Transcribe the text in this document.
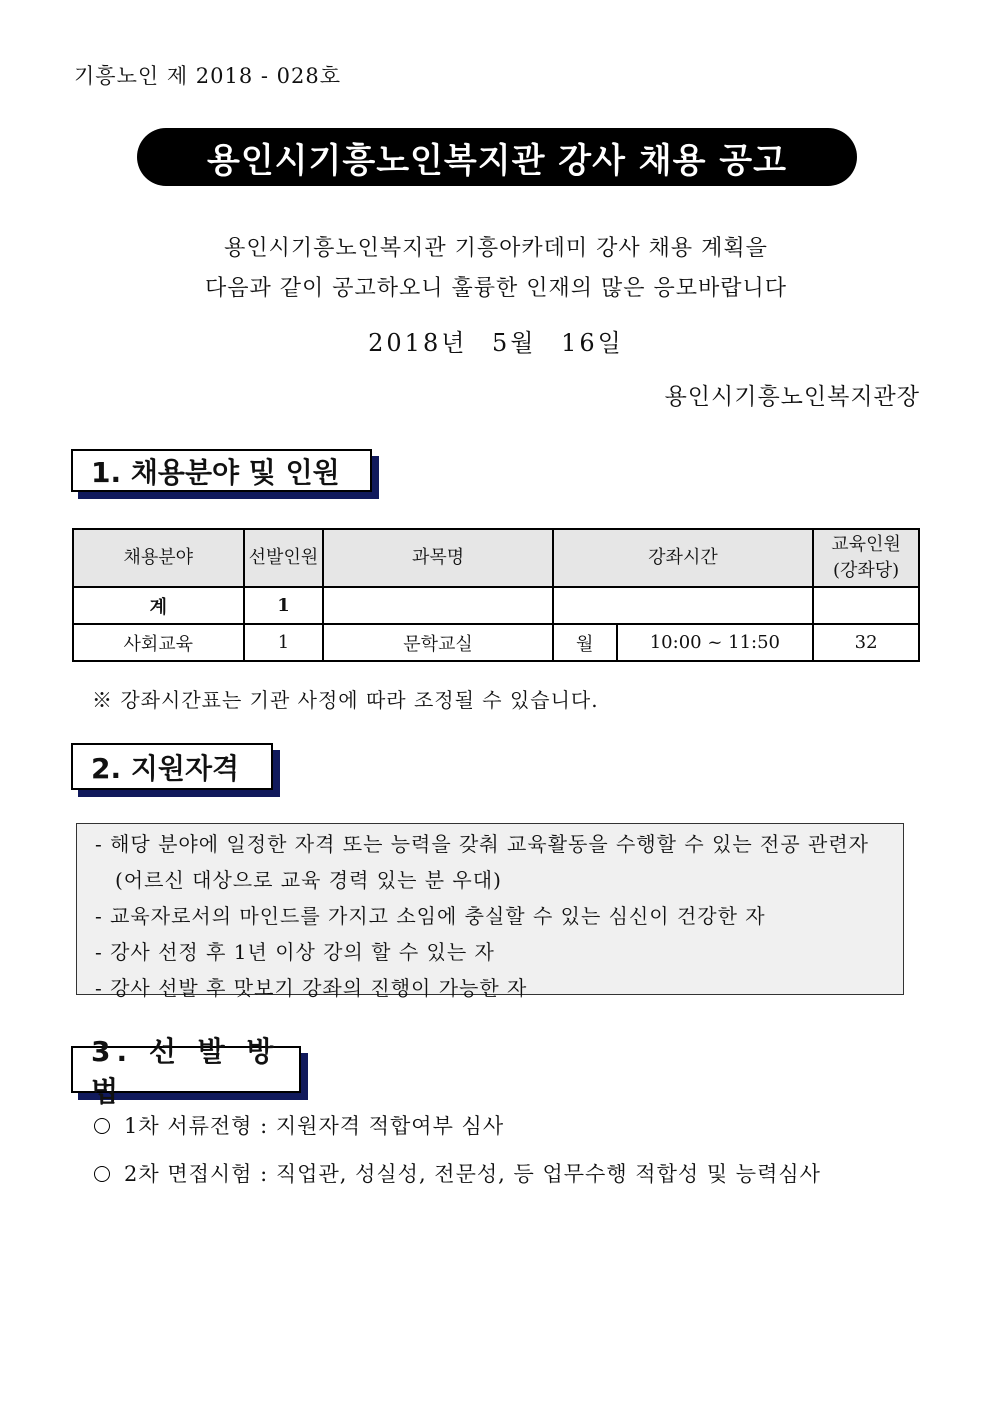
기흥노인 제 2018 - 028호
용인시기흥노인복지관 강사 채용 공고
용인시기흥노인복지관 기흥아카데미 강사 채용 계획을
다음과 같이 공고하오니 훌륭한 인재의 많은 응모바랍니다
2018년 5월 16일
용인시기흥노인복지관장
1. 채용분야 및 인원
채용분야	선발인원	과목명	강좌시간		교육인원
(강좌당)
계	1				
사회교육	1	문학교실	월	10:00 ~ 11:50	32
※ 강좌시간표는 기관 사정에 따라 조정될 수 있습니다.
2. 지원자격
- 해당 분야에 일정한 자격 또는 능력을 갖춰 교육활동을 수행할 수 있는 전공 관련자
(어르신 대상으로 교육 경력 있는 분 우대)
- 교육자로서의 마인드를 가지고 소임에 충실할 수 있는 심신이 건강한 자
- 강사 선정 후 1년 이상 강의 할 수 있는 자
- 강사 선발 후 맛보기 강좌의 진행이 가능한 자
3. 선 발 방 법
1차 서류전형 : 지원자격 적합여부 심사
2차 면접시험 : 직업관, 성실성, 전문성, 등 업무수행 적합성 및 능력심사
